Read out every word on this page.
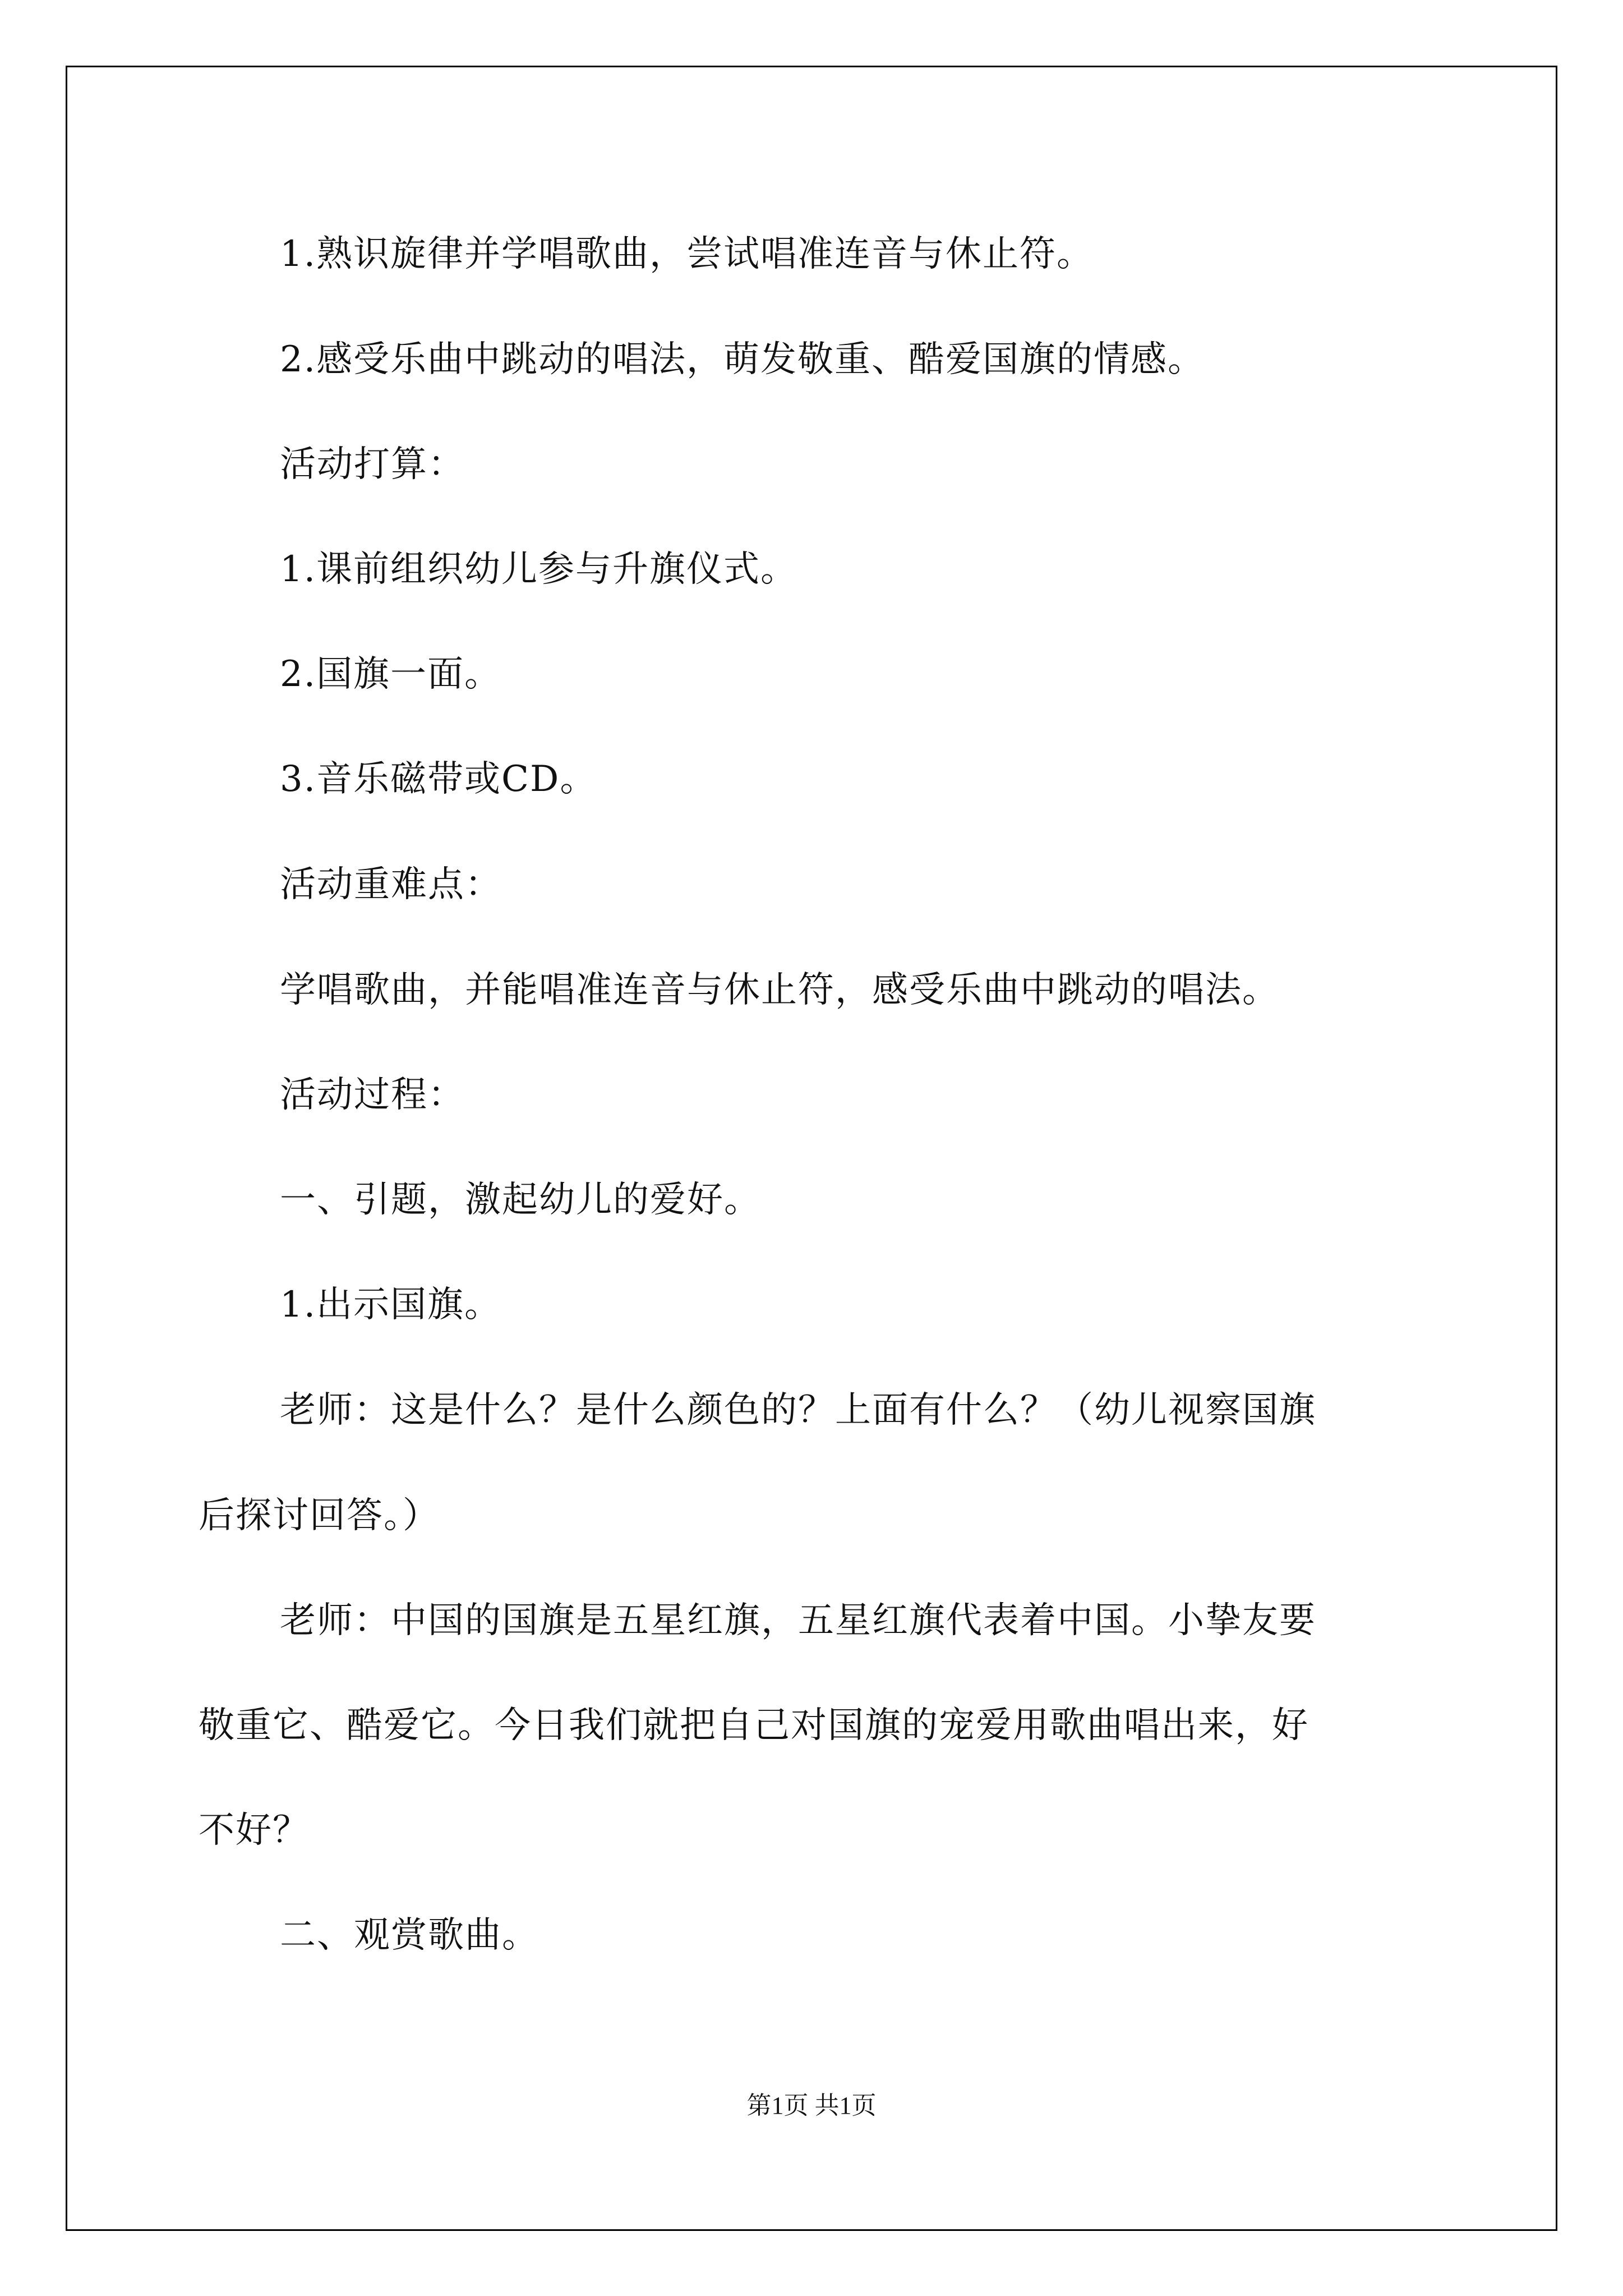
1.熟识旋律并学唱歌曲，尝试唱准连音与休止符。
2.感受乐曲中跳动的唱法，萌发敬重、酷爱国旗的情感。
活动打算：
1.课前组织幼儿参与升旗仪式。
2.国旗一面。
3.音乐磁带或CD。
活动重难点：
学唱歌曲，并能唱准连音与休止符，感受乐曲中跳动的唱法。
活动过程：
一、引题，激起幼儿的爱好。
1.出示国旗。
老师：这是什么？是什么颜色的？上面有什么？（幼儿视察国旗
后探讨回答。）
老师：中国的国旗是五星红旗，五星红旗代表着中国。小挚友要
敬重它、酷爱它。今日我们就把自己对国旗的宠爱用歌曲唱出来，好
不好？
二、观赏歌曲。
第1页 共1页
